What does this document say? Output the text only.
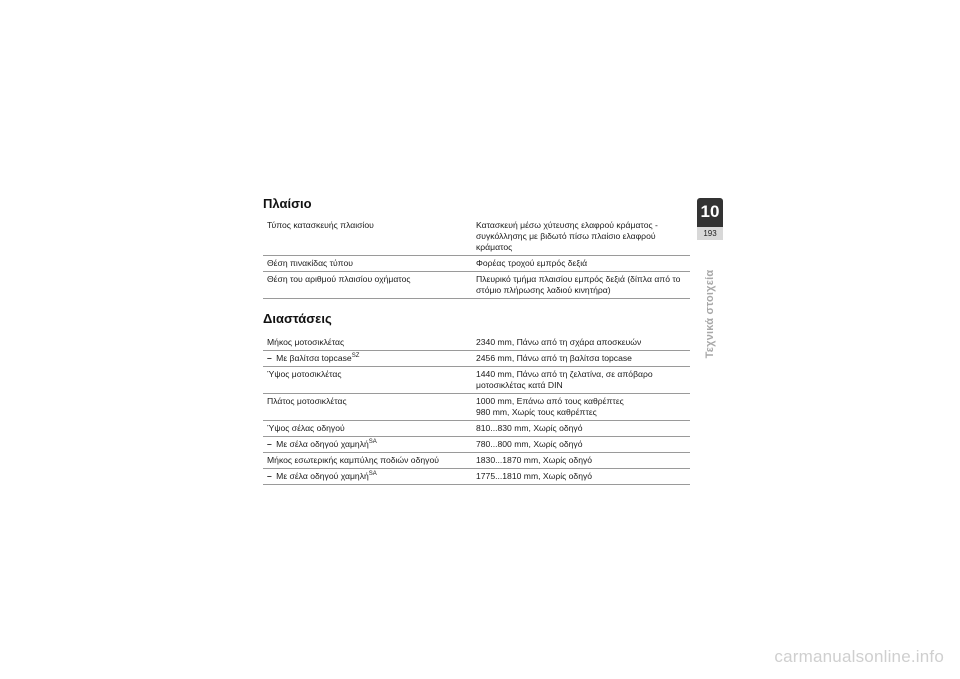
Πλαίσιο
Τύπος κατασκευής πλαισίου	Κατασκευή μέσω χύτευσης ελαφρού κράματος - συγκόλλησης με βιδωτό πίσω πλαίσιο ελαφρού κράματος
Θέση πινακίδας τύπου	Φορέας τροχού εμπρός δεξιά
Θέση του αριθμού πλαισίου οχήματος	Πλευρικό τμήμα πλαισίου εμπρός δεξιά (δίπλα από το στόμιο πλήρωσης λαδιού κινητήρα)
Διαστάσεις
Μήκος μοτοσικλέτας	2340 mm, Πάνω από τη σχάρα αποσκευών
– Με βαλίτσα topcase$^{SZ}$	2456 mm, Πάνω από τη βαλίτσα topcase
Ύψος μοτοσικλέτας	1440 mm, Πάνω από τη ζελατίνα, σε απόβαρο μοτοσικλέτας κατά DIN
Πλάτος μοτοσικλέτας	1000 mm, Επάνω από τους καθρέπτες
980 mm, Χωρίς τους καθρέπτες

Ύψος σέλας οδηγού	810...830 mm, Χωρίς οδηγό
– Με σέλα οδηγού χαμηλή$^{SA}$	780...800 mm, Χωρίς οδηγό
Μήκος εσωτερικής καμπύλης ποδιών οδηγού	1830...1870 mm, Χωρίς οδηγό
– Με σέλα οδηγού χαμηλή$^{SA}$	1775...1810 mm, Χωρίς οδηγό
10
193
Τεχνικά στοιχεία
carmanualsonline.info
